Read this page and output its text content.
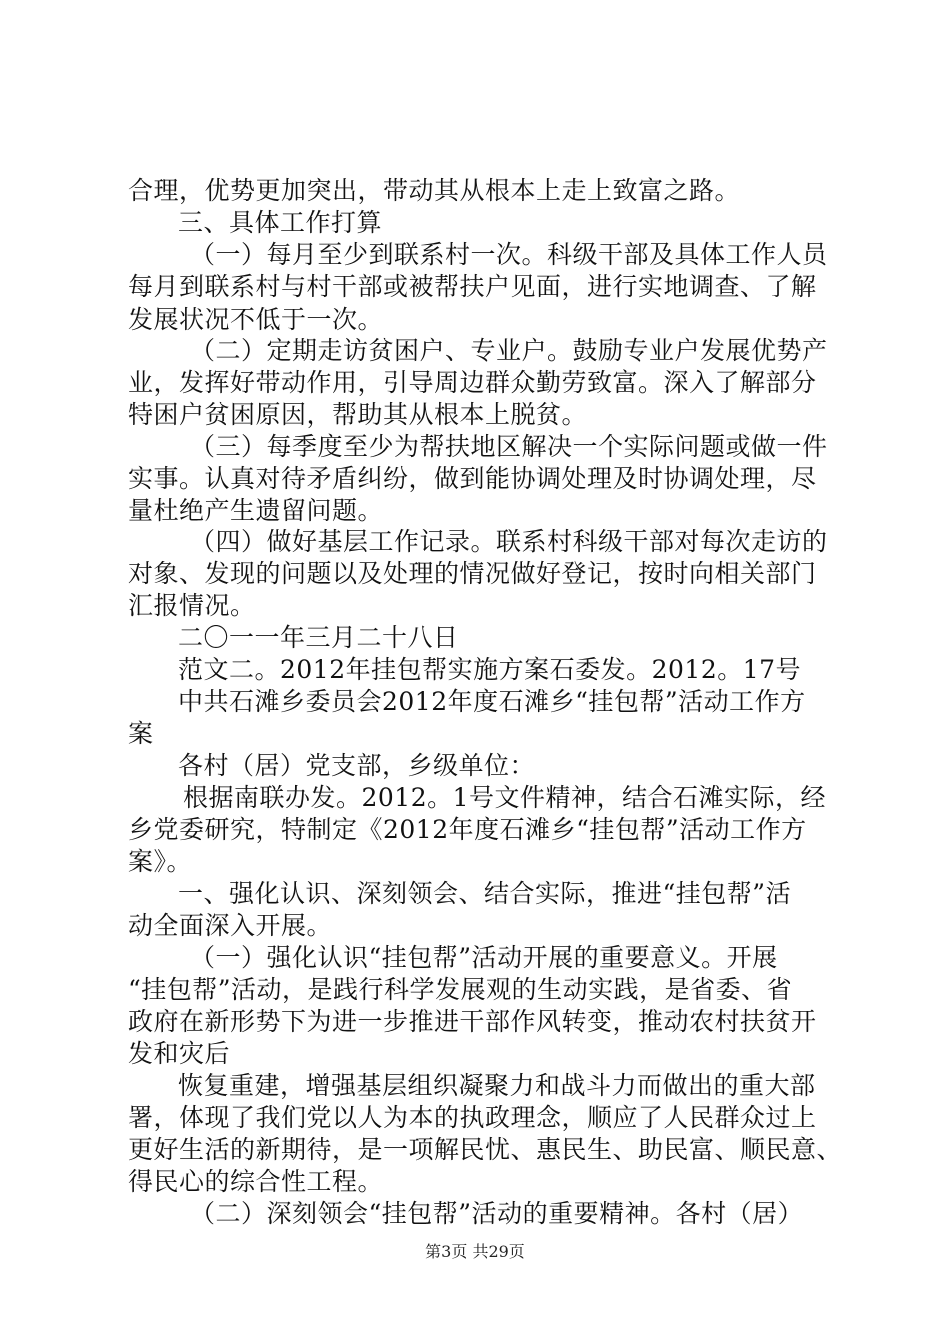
合理，优势更加突出，带动其从根本上走上致富之路。
三、具体工作打算
（一）每月至少到联系村一次。科级干部及具体工作人员
每月到联系村与村干部或被帮扶户见面，进行实地调查、了解
发展状况不低于一次。
（二）定期走访贫困户、专业户。鼓励专业户发展优势产
业，发挥好带动作用，引导周边群众勤劳致富。深入了解部分
特困户贫困原因，帮助其从根本上脱贫。
（三）每季度至少为帮扶地区解决一个实际问题或做一件
实事。认真对待矛盾纠纷，做到能协调处理及时协调处理，尽
量杜绝产生遗留问题。
（四）做好基层工作记录。联系村科级干部对每次走访的
对象、发现的问题以及处理的情况做好登记，按时向相关部门
汇报情况。
二〇一一年三月二十八日
范文二。2012年挂包帮实施方案石委发。2012。17号
中共石滩乡委员会2012年度石滩乡“挂包帮”活动工作方
案
各村（居）党支部，乡级单位：
根据南联办发。2012。1号文件精神，结合石滩实际，经
乡党委研究，特制定《2012年度石滩乡“挂包帮”活动工作方
案》。
一、强化认识、深刻领会、结合实际，推进“挂包帮”活
动全面深入开展。
（一）强化认识“挂包帮”活动开展的重要意义。开展
“挂包帮”活动，是践行科学发展观的生动实践，是省委、省
政府在新形势下为进一步推进干部作风转变，推动农村扶贫开
发和灾后
恢复重建，增强基层组织凝聚力和战斗力而做出的重大部
署，体现了我们党以人为本的执政理念，顺应了人民群众过上
更好生活的新期待，是一项解民忧、惠民生、助民富、顺民意、
得民心的综合性工程。
（二）深刻领会“挂包帮”活动的重要精神。各村（居）
第3页 共29页
